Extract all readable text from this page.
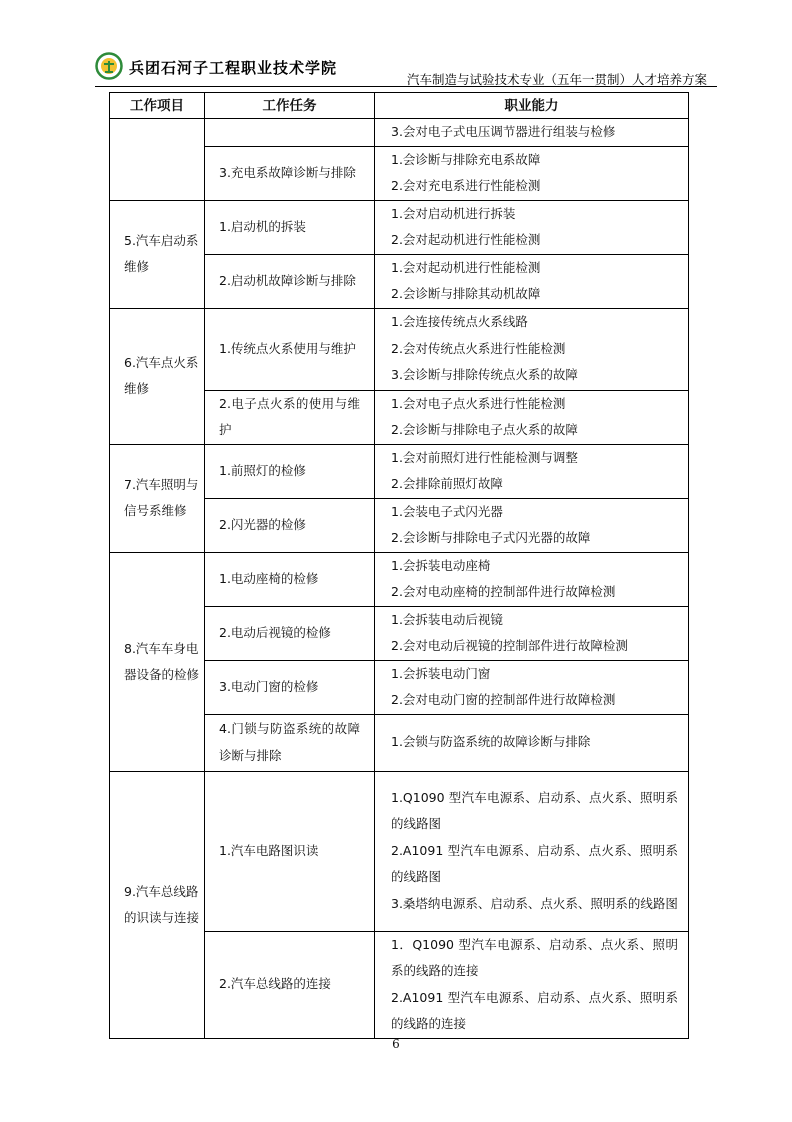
兵团石河子工程职业技术学院
汽车制造与试验技术专业（五年一贯制）人才培养方案
工作项目	工作任务	职业能力

		3.会对电子式电压调节器进行组装与检修

	3.充电系故障诊断与排除	1.会诊断与排除充电系故障
2.会对充电系进行性能检测

5.汽车启动系维修	1.启动机的拆装	1.会对启动机进行拆装
2.会对起动机进行性能检测

	2.启动机故障诊断与排除	1.会对起动机进行性能检测
2.会诊断与排除其动机故障

6.汽车点火系维修	1.传统点火系使用与维护	1.会连接传统点火系线路
2.会对传统点火系进行性能检测
3.会诊断与排除传统点火系的故障

	2.电子点火系的使用与维护	1.会对电子点火系进行性能检测
2.会诊断与排除电子点火系的故障

7.汽车照明与信号系维修	1.前照灯的检修	1.会对前照灯进行性能检测与调整
2.会排除前照灯故障

	2.闪光器的检修	1.会装电子式闪光器
2.会诊断与排除电子式闪光器的故障

8.汽车车身电器设备的检修	1.电动座椅的检修	1.会拆装电动座椅
2.会对电动座椅的控制部件进行故障检测

	2.电动后视镜的检修	1.会拆装电动后视镜
2.会对电动后视镜的控制部件进行故障检测

	3.电动门窗的检修	1.会拆装电动门窗
2.会对电动门窗的控制部件进行故障检测

	4.门锁与防盗系统的故障诊断与排除	1.会锁与防盗系统的故障诊断与排除

9.汽车总线路的识读与连接	1.汽车电路图识读	1.Q1090 型汽车电源系、启动系、点火系、照明系的线路图
2.A1091 型汽车电源系、启动系、点火系、照明系的线路图
3.桑塔纳电源系、启动系、点火系、照明系的线路图

	2.汽车总线路的连接	1．Q1090 型汽车电源系、启动系、点火系、照明系的线路的连接
2.A1091 型汽车电源系、启动系、点火系、照明系的线路的连接
6
